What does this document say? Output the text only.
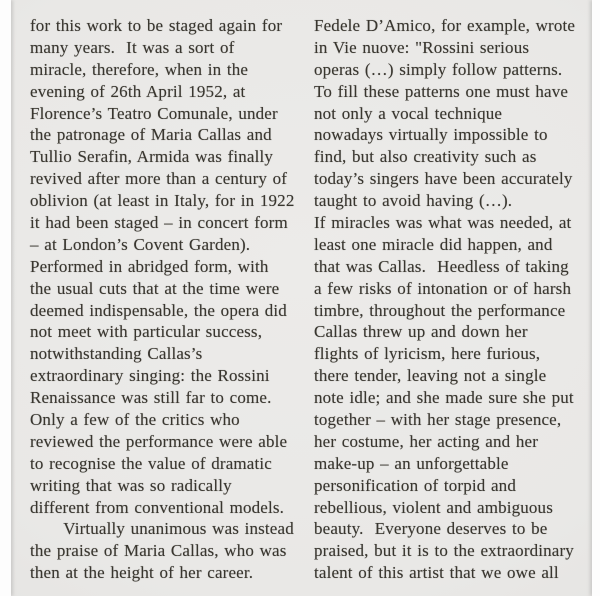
for this work to be staged again for
many years.  It was a sort of
miracle, therefore, when in the
evening of 26th April 1952, at
Florence’s Teatro Comunale, under
the patronage of Maria Callas and
Tullio Serafin, Armida was finally
revived after more than a century of
oblivion (at least in Italy, for in 1922
it had been staged – in concert form
– at London’s Covent Garden).
Performed in abridged form, with
the usual cuts that at the time were
deemed indispensable, the opera did
not meet with particular success,
notwithstanding Callas’s
extraordinary singing: the Rossini
Renaissance was still far to come.
Only a few of the critics who
reviewed the performance were able
to recognise the value of dramatic
writing that was so radically
different from conventional models.
Virtually unanimous was instead
the praise of Maria Callas, who was
then at the height of her career.
Fedele D’Amico, for example, wrote
in Vie nuove: "Rossini serious
operas (…) simply follow patterns.
To fill these patterns one must have
not only a vocal technique
nowadays virtually impossible to
find, but also creativity such as
today’s singers have been accurately
taught to avoid having (…).
If miracles was what was needed, at
least one miracle did happen, and
that was Callas.  Heedless of taking
a few risks of intonation or of harsh
timbre, throughout the performance
Callas threw up and down her
flights of lyricism, here furious,
there tender, leaving not a single
note idle; and she made sure she put
together – with her stage presence,
her costume, her acting and her
make-up – an unforgettable
personification of torpid and
rebellious, violent and ambiguous
beauty.  Everyone deserves to be
praised, but it is to the extraordinary
talent of this artist that we owe all
